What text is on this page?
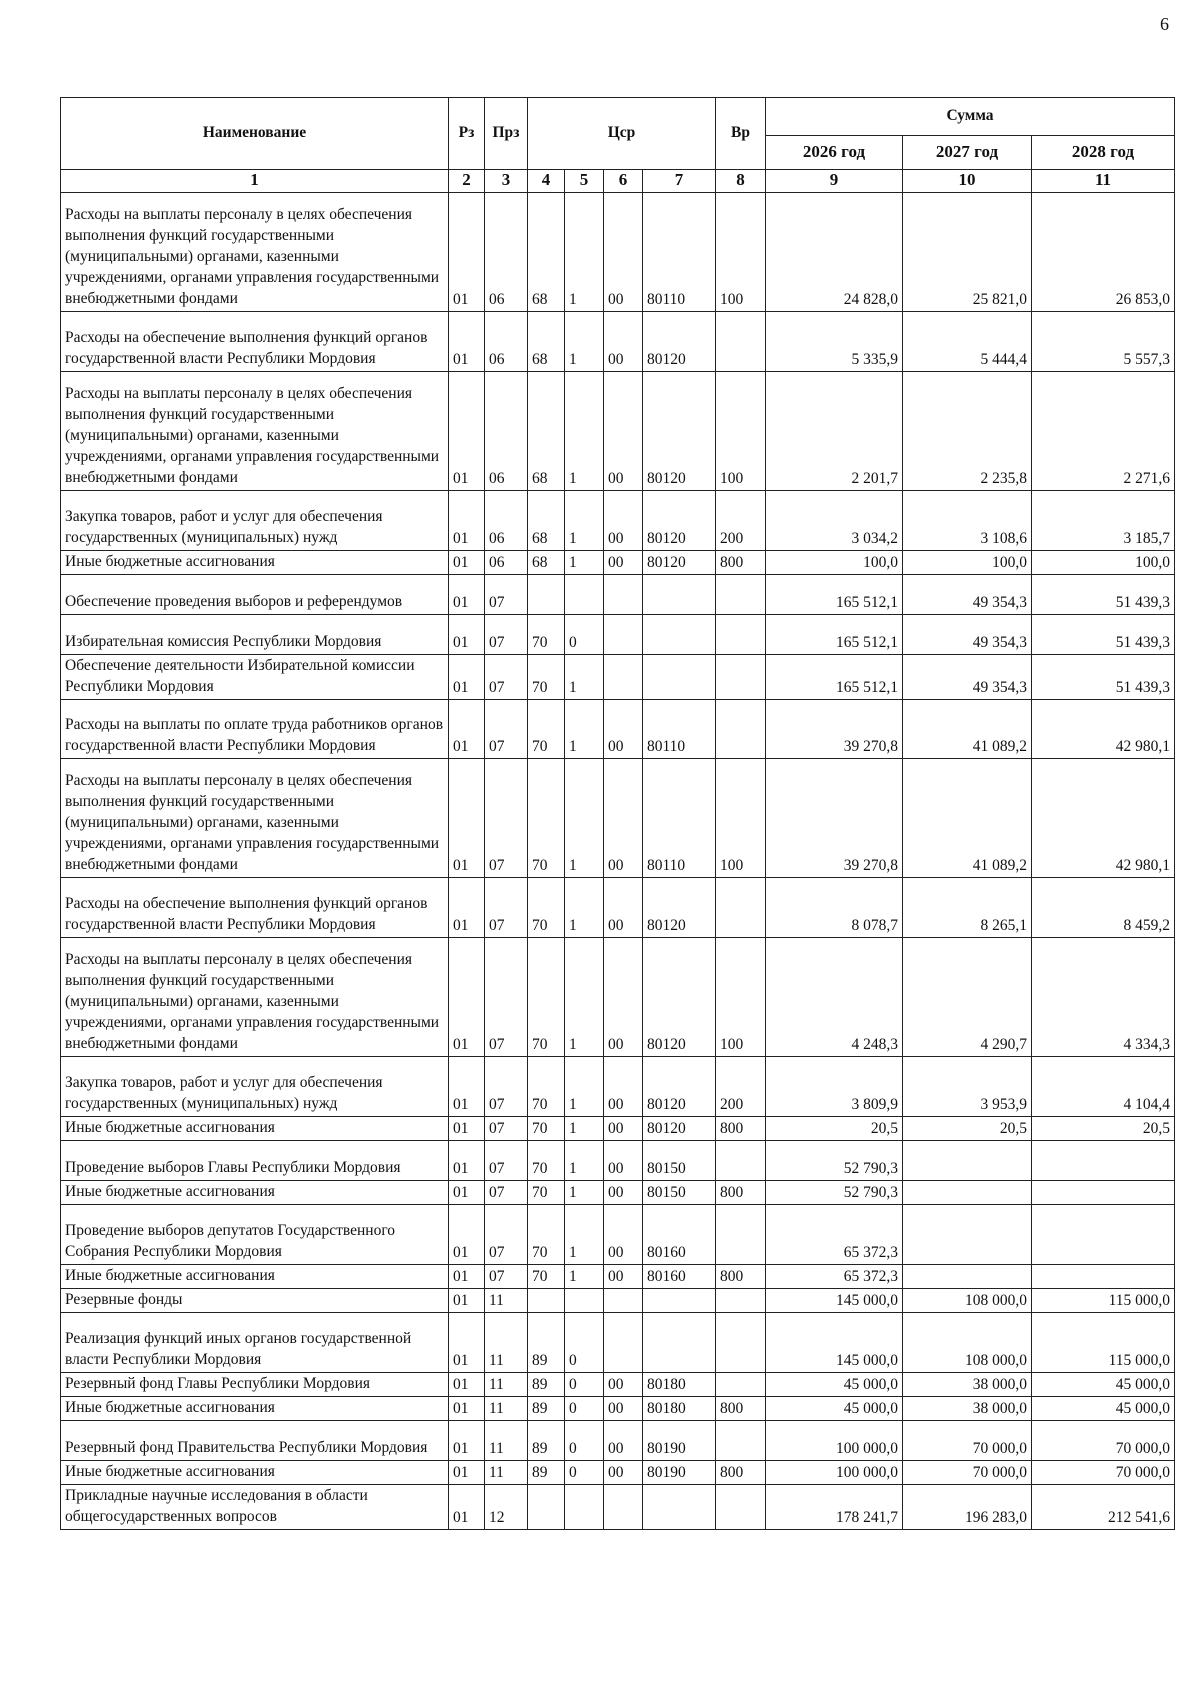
6
Наименование	Рз	Прз	Цср				Вр	Сумма		
								2026 год	2027 год	2028 год
1	2	3	4	5	6	7	8	9	10	11
Расходы на выплаты персоналу в целях обеспечения выполнения функций государственными (муниципальными) органами, казенными учреждениями, органами управления государственными внебюджетными фондами	01	06	68	1	00	80110	100	24 828,0	25 821,0	26 853,0
Расходы на обеспечение выполнения функций органов государственной власти Республики Мордовия	01	06	68	1	00	80120		5 335,9	5 444,4	5 557,3
Расходы на выплаты персоналу в целях обеспечения выполнения функций государственными (муниципальными) органами, казенными учреждениями, органами управления государственными внебюджетными фондами	01	06	68	1	00	80120	100	2 201,7	2 235,8	2 271,6
Закупка товаров, работ и услуг для обеспечения государственных (муниципальных) нужд	01	06	68	1	00	80120	200	3 034,2	3 108,6	3 185,7
Иные бюджетные ассигнования	01	06	68	1	00	80120	800	100,0	100,0	100,0
Обеспечение проведения выборов и референдумов	01	07						165 512,1	49 354,3	51 439,3
Избирательная комиссия Республики Мордовия	01	07	70	0				165 512,1	49 354,3	51 439,3
Обеспечение деятельности Избирательной комиссии Республики Мордовия	01	07	70	1				165 512,1	49 354,3	51 439,3
Расходы на выплаты по оплате труда работников органов государственной власти Республики Мордовия	01	07	70	1	00	80110		39 270,8	41 089,2	42 980,1
Расходы на выплаты персоналу в целях обеспечения выполнения функций государственными (муниципальными) органами, казенными учреждениями, органами управления государственными внебюджетными фондами	01	07	70	1	00	80110	100	39 270,8	41 089,2	42 980,1
Расходы на обеспечение выполнения функций органов государственной власти Республики Мордовия	01	07	70	1	00	80120		8 078,7	8 265,1	8 459,2
Расходы на выплаты персоналу в целях обеспечения выполнения функций государственными (муниципальными) органами, казенными учреждениями, органами управления государственными внебюджетными фондами	01	07	70	1	00	80120	100	4 248,3	4 290,7	4 334,3
Закупка товаров, работ и услуг для обеспечения государственных (муниципальных) нужд	01	07	70	1	00	80120	200	3 809,9	3 953,9	4 104,4
Иные бюджетные ассигнования	01	07	70	1	00	80120	800	20,5	20,5	20,5
Проведение выборов Главы Республики Мордовия	01	07	70	1	00	80150		52 790,3		
Иные бюджетные ассигнования	01	07	70	1	00	80150	800	52 790,3		
Проведение выборов депутатов Государственного Собрания Республики Мордовия	01	07	70	1	00	80160		65 372,3		
Иные бюджетные ассигнования	01	07	70	1	00	80160	800	65 372,3		
Резервные фонды	01	11						145 000,0	108 000,0	115 000,0
Реализация функций иных органов государственной власти Республики Мордовия	01	11	89	0				145 000,0	108 000,0	115 000,0
Резервный фонд Главы Республики Мордовия	01	11	89	0	00	80180		45 000,0	38 000,0	45 000,0
Иные бюджетные ассигнования	01	11	89	0	00	80180	800	45 000,0	38 000,0	45 000,0
Резервный фонд Правительства Республики Мордовия	01	11	89	0	00	80190		100 000,0	70 000,0	70 000,0
Иные бюджетные ассигнования	01	11	89	0	00	80190	800	100 000,0	70 000,0	70 000,0
Прикладные научные исследования в области общегосударственных вопросов	01	12						178 241,7	196 283,0	212 541,6
